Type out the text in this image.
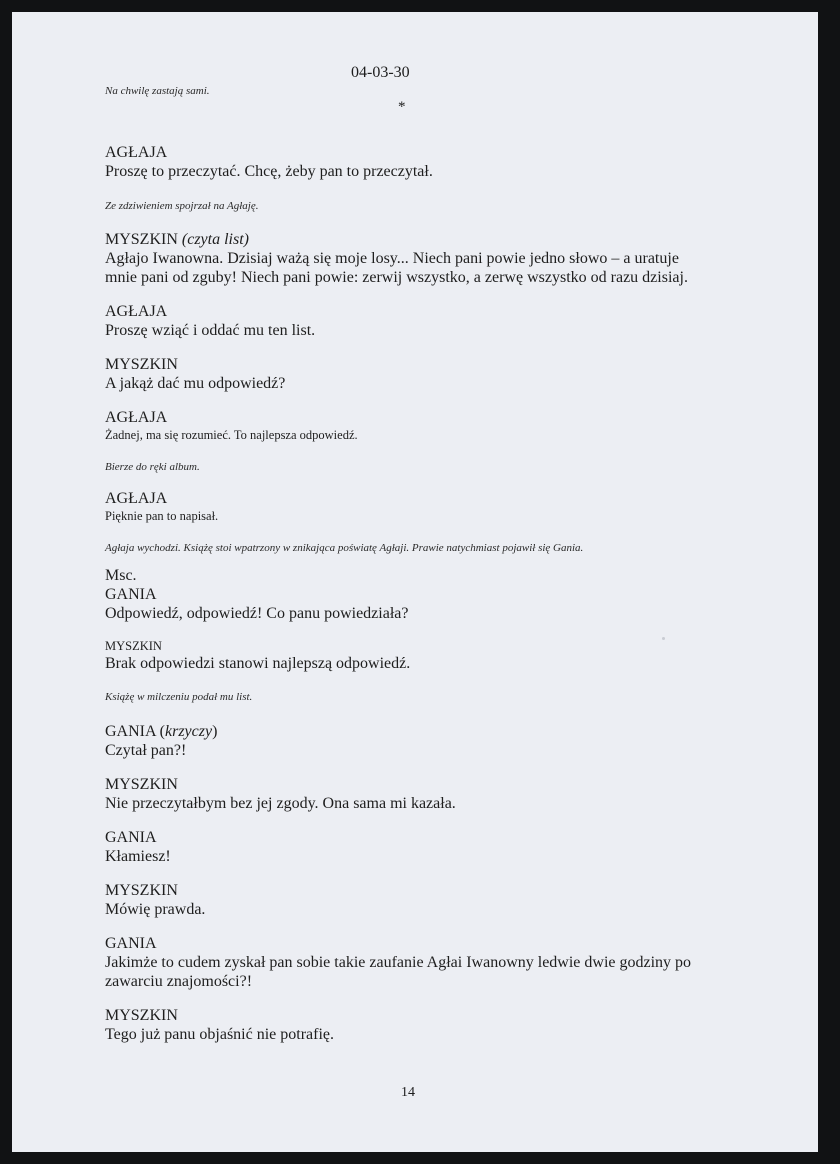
04-03-30
*
Na chwilę zastają sami.
AGŁAJA
Proszę to przeczytać. Chcę, żeby pan to przeczytał.
Ze zdziwieniem spojrzał na Agłaję.
MYSZKIN (czyta list)
Agłajo Iwanowna. Dzisiaj ważą się moje losy... Niech pani powie jedno słowo – a uratuje
mnie pani od zguby! Niech pani powie: zerwij wszystko, a zerwę wszystko od razu dzisiaj.
AGŁAJA
Proszę wziąć i oddać mu ten list.
MYSZKIN
A jakąż dać mu odpowiedź?
AGŁAJA
Żadnej, ma się rozumieć. To najlepsza odpowiedź.
Bierze do ręki album.
AGŁAJA
Pięknie pan to napisał.
Agłaja wychodzi. Książę stoi wpatrzony w znikająca poświatę Agłaji. Prawie natychmiast pojawił się Gania.
Msc.
GANIA
Odpowiedź, odpowiedź! Co panu powiedziała?
MYSZKIN
Brak odpowiedzi stanowi najlepszą odpowiedź.
Książę w milczeniu podał mu list.
GANIA (krzyczy)
Czytał pan?!
MYSZKIN
Nie przeczytałbym bez jej zgody. Ona sama mi kazała.
GANIA
Kłamiesz!
MYSZKIN
Mówię prawda.
GANIA
Jakimże to cudem zyskał pan sobie takie zaufanie Agłai Iwanowny ledwie dwie godziny po
zawarciu znajomości?!
MYSZKIN
Tego już panu objaśnić nie potrafię.
14
